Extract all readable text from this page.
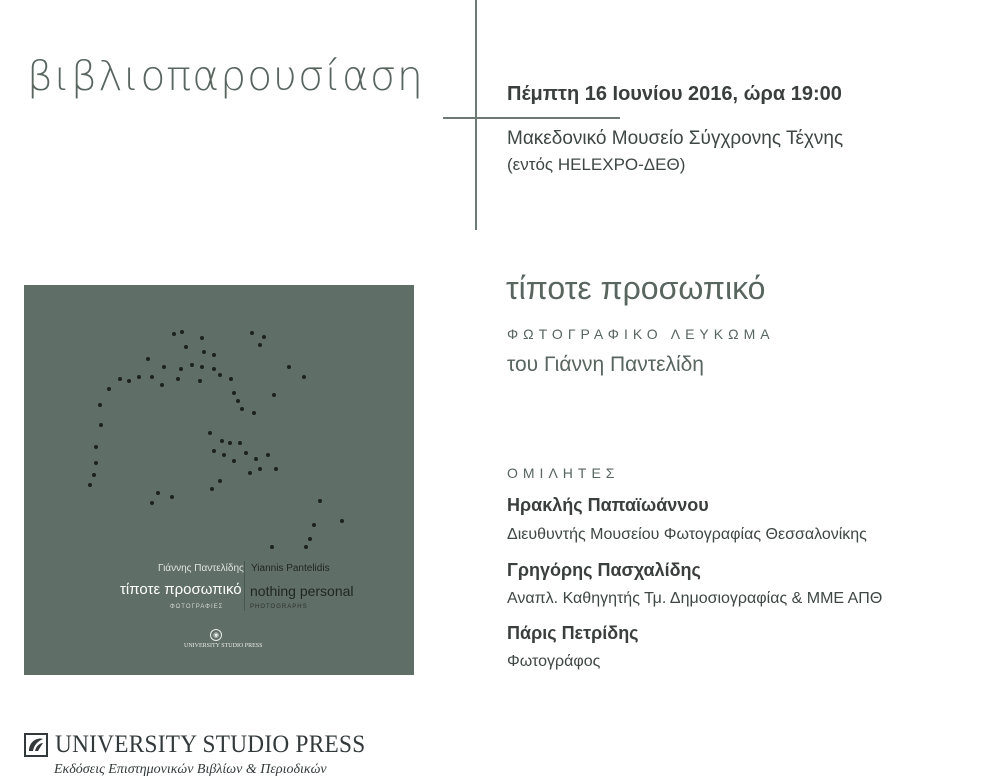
βιβλιοπαρουσίαση	Πέμπτη 16 Ιουνίου 2016, ώρα 19:00
Μακεδονικό Μουσείο Σύγχρονης Τέχνης
(εντός HELEXPO-ΔΕΘ)
Γιάννης Παντελίδης Yiannis Pantelidis
τίποτε προσωπικό nothing personal
ΦΩΤΟΓΡΑΦΙΕΣ	PHOTOGRAPHS
◉
UNIVERSITY STUDIO PRESS
τίποτε προσωπικό
ΦΩΤΟΓΡΑΦΙΚΟ ΛΕΥΚΩΜΑ
του Γιάννη Παντελίδη
ΟΜΙΛΗΤΕΣ
Ηρακλής Παπαϊωάννου
Διευθυντής Μουσείου Φωτογραφίας Θεσσαλονίκης
Γρηγόρης Πασχαλίδης
Αναπλ. Καθηγητής Τμ. Δημοσιογραφίας & ΜΜΕ ΑΠΘ
Πάρις Πετρίδης
Φωτογράφος
UNIVERSITY STUDIO PRESS
Εκδόσεις Επιστημονικών Βιβλίων & Περιοδικών
